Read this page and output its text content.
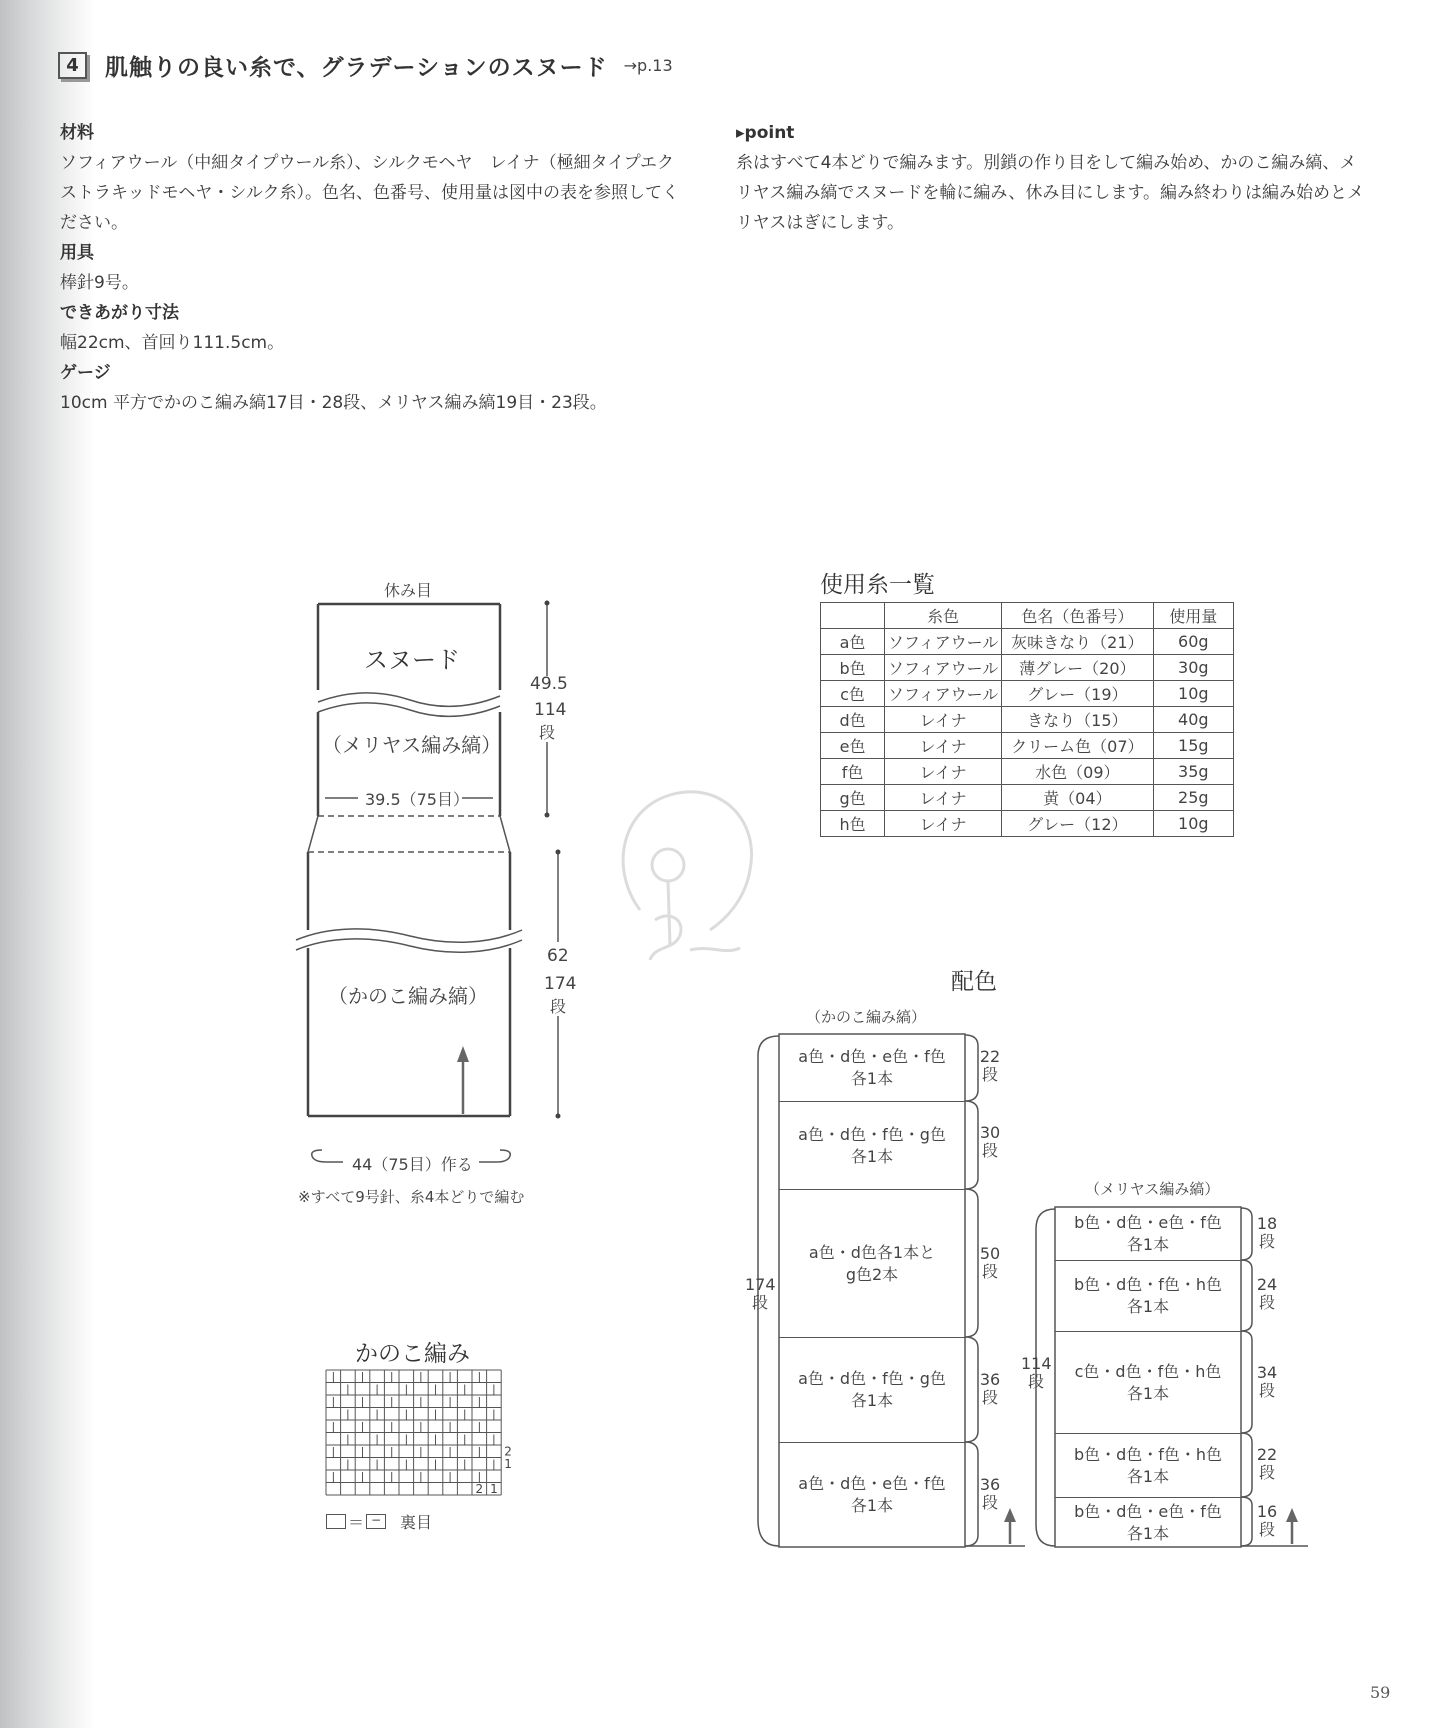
4	肌触りの良い糸で、グラデーションのスヌード →p.13
材料

ソフィアウール（中細タイプウール糸）、シルクモヘヤ　レイナ（極細タイプエクストラキッドモヘヤ・シルク糸）。色名、色番号、使用量は図中の表を参照してください。

用具

棒針9号。

できあがり寸法

幅22cm、首回り111.5cm。

ゲージ

10cm 平方でかのこ編み縞17目・28段、メリヤス編み縞19目・23段。

▸point

糸はすべて4本どりで編みます。別鎖の作り目をして編み始め、かのこ編み縞、メリヤス編み縞でスヌードを輪に編み、休み目にします。編み終わりは編み始めとメリヤスはぎにします。

休み目
スヌード
（メリヤス編み縞）
39.5（75目）
49.5
114
段
（かのこ編み縞）
62
174
段
44（75目）作る
※すべて9号針、糸4本どりで編む
使用糸一覧
	糸色	色名（色番号）	使用量
a色	ソフィアウール	灰味きなり（21）	60g
b色	ソフィアウール	薄グレー（20）	30g
c色	ソフィアウール	グレー（19）	10g
d色	レイナ	きなり（15）	40g
e色	レイナ	クリーム色（07）	15g
f色	レイナ	水色（09）	35g
g色	レイナ	黄（04）	25g
h色	レイナ	グレー（12）	10g
配色
（かのこ編み縞）
（メリヤス編み縞）
a色・d色・e色・f色
各1本
a色・d色・f色・g色
各1本
a色・d色各1本と
g色2本
a色・d色・f色・g色
各1本
a色・d色・e色・f色
各1本
22
段
30
段
50
段
36
段
36
段
174
段
b色・d色・e色・f色
各1本
b色・d色・f色・h色
各1本
c色・d色・f色・h色
各1本
b色・d色・f色・h色
各1本
b色・d色・e色・f色
各1本
18
段
24
段
34
段
22
段
16
段
114
段
かのこ編み
| | | | | |
| | | | | |
| | | | | |
| | | | | |
| | | | | |
| | | | | |
| | | | | |
| | | | | |
| | | | | |
2
1
2 1
＝ −	裏目
59
